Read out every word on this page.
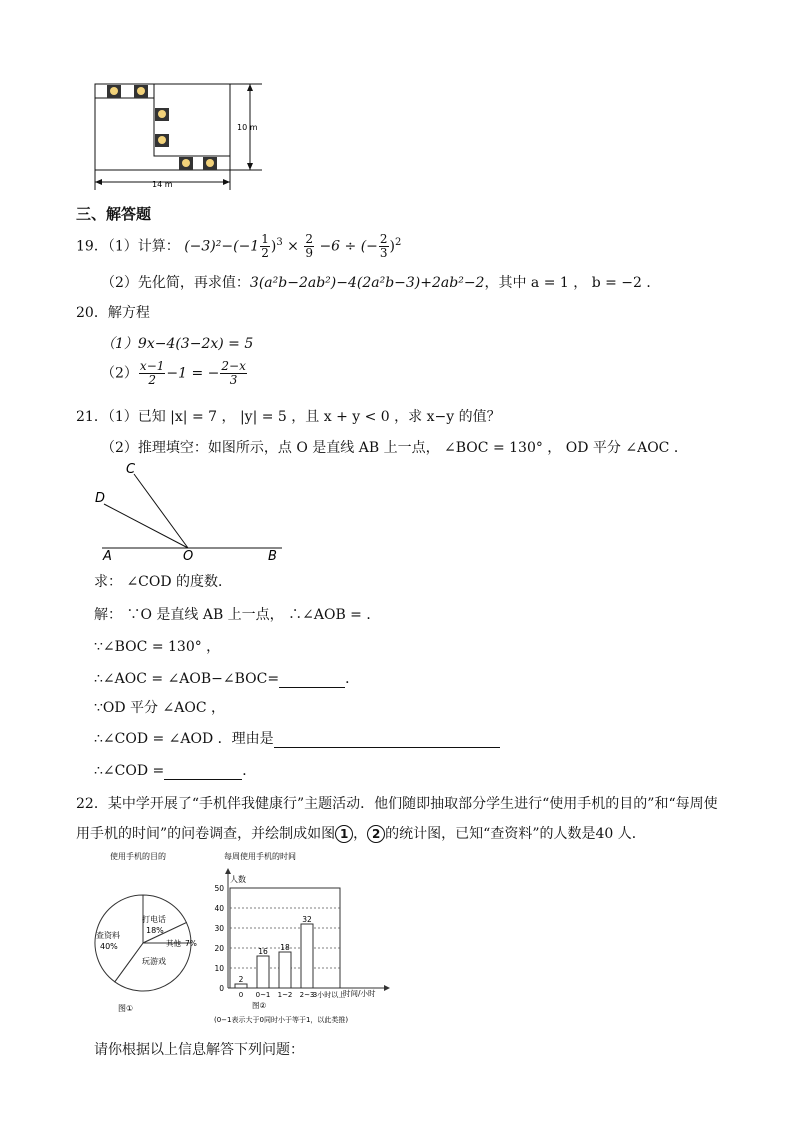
10 m
14 m
三、解答题
19．（1）计算： $(-3)^2-(-1 \frac{1}{2} )^3 \times \frac{2}{9} -6$ ÷ (− $\frac{2}{3} )^2$
（2）先化简，再求值：3(a²b−2ab²)−4(2a²b−3)+2ab²−2，其中 a = 1 ， b = −2 ．
20．解方程
（1）9x−4(3−2x) = 5
$(2) \frac{x-1}{2} -1$ = − $\frac{2-x}{3}$
21．（1）已知 |x| = 7 ， |y| = 5 ，且 x + y < 0 ，求 x−y 的值？
（2）推理填空：如图所示，点 O 是直线 AB 上一点， ∠BOC = 130° ， OD 平分 ∠AOC ．
C
D
A	O	B
求： ∠COD 的度数．
解： ∵O 是直线 AB 上一点， ∴∠AOB = ．
∵∠BOC = 130° ，
∴∠AOC = ∠AOB−∠BOC=	．
∵OD 平分 ∠AOC ，
∴∠COD = ∠AOD ．理由是
∴∠COD =	．
22．某中学开展了“手机伴我健康行”主题活动．他们随即抽取部分学生进行“使用手机的目的”和“每周使
用手机的时间”的问卷调查，并绘制成如图 1 ， 2 的统计图，已知“查资料”的人数是40 人．
使用手机的目的
查资料
40%
打电话
18%
其他 7%
玩游戏
图①
每周使用手机的时间
人数
时间/小时
图②
(0−1表示大于0同时小于等于1，以此类推)
0
10
20
30
40
50
2
0
16
0~1
18
1~2
32
2~3
3小时以上
请你根据以上信息解答下列问题：
